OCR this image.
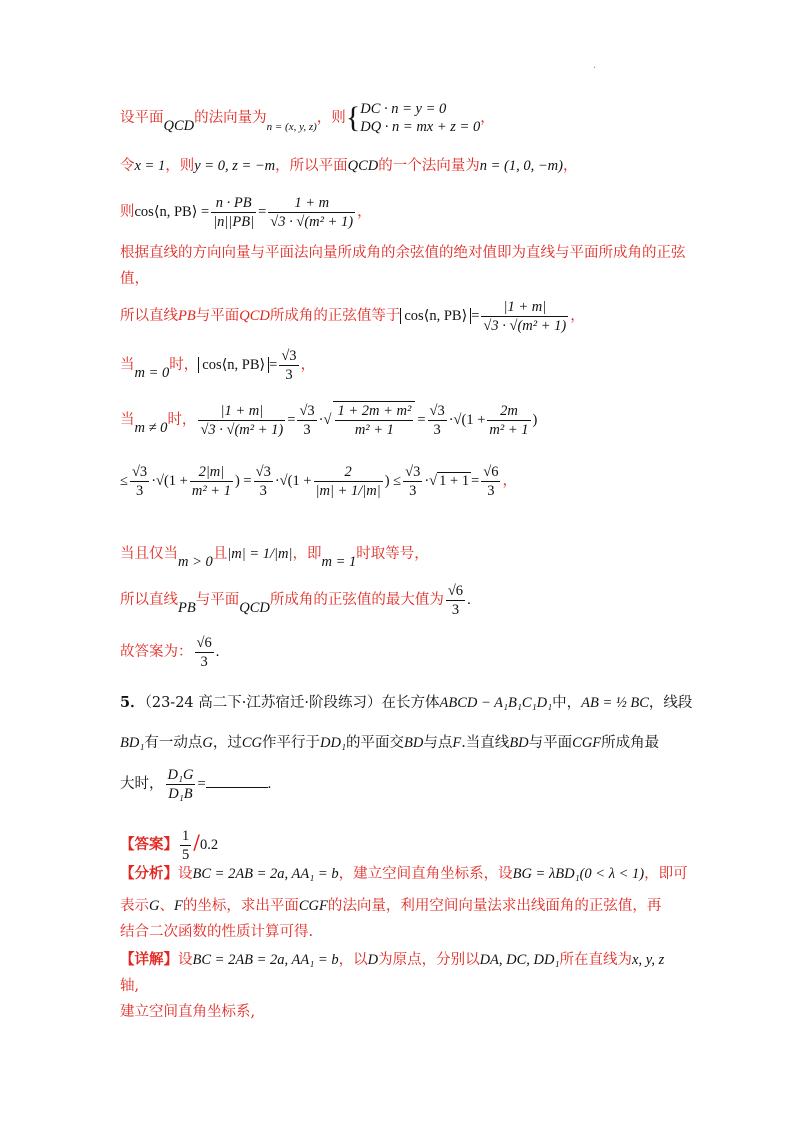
.
设平面QCD的法向量为$_{n = (x, y, z)}$，则{ DC · n = y = 0
DQ · n = mx + z = 0
，
令x = 1，则y = 0, z = −m，所以平面QCD的一个法向量为n = (1, 0, −m)，
则cos⟨n, PB⟩ = $\frac{n \cdot PB}{|n||PB|} = \frac{1 + m}{\text{√3 · √(m² + 1)}}$ ，
根据直线的方向向量与平面法向量所成角的余弦值的绝对值即为直线与平面所成角的正弦
值，
所以直线PB与平面QCD所成角的正弦值等于 cos⟨n, PB⟩ = $\frac{|1 + m|}{\text{√3 · √(m² + 1)}}$ ，
当m = 0时， cos⟨n, PB⟩ = $\frac{√3}{3}$ ，
当m ≠ 0时， $\frac{|1 + m|}{\text{√3 · √(m² + 1)}} = \frac{√3}{3}$ ·√ $\frac{\text{1 + 2m + m²}}{\text{m² + 1}} = \frac{√3}{3} \cdot√(1 + \frac{2m}{\text{m² + 1}}$ )
≤ $\frac{√3}{3} \cdot√(1 + \frac{2|m|}{\text{m² + 1}}$ ) = $\frac{√3}{3} \cdot√(1 + \frac{2}{|m| + 1/|m|}$ ) ≤ $\frac{√3}{3}$ ·√ $1 + 1 = \frac{√6}{3}$ ，
当且仅当m > 0且|m| = 1/|m|，即m = 1时取等号，
所以直线PB与平面QCD所成角的正弦值的最大值为 $\frac{√6}{3}$ .
故答案为： $\frac{√6}{3}$ .
5．（23-24 高二下·江苏宿迁·阶段练习）在长方体ABCD − A₁B₁C₁D₁中，AB = ½ BC，线段
BD₁有一动点G，过CG作平行于DD₁的平面交BD与点F.当直线BD与平面CGF所成角最
大时， $\frac{\text{D₁G}}{\text{D₁B}}$ =	.
【答案】 $\frac{1}{5} /0.2$
【分析】设BC = 2AB = 2a, AA₁ = b，建立空间直角坐标系，设BG = λBD₁(0 < λ < 1)，即可
表示G、F的坐标，求出平面CGF的法向量，利用空间向量法求出线面角的正弦值，再
结合二次函数的性质计算可得.
【详解】设BC = 2AB = 2a, AA₁ = b，以D为原点，分别以DA, DC, DD₁所在直线为x, y, z
轴,
建立空间直角坐标系,
